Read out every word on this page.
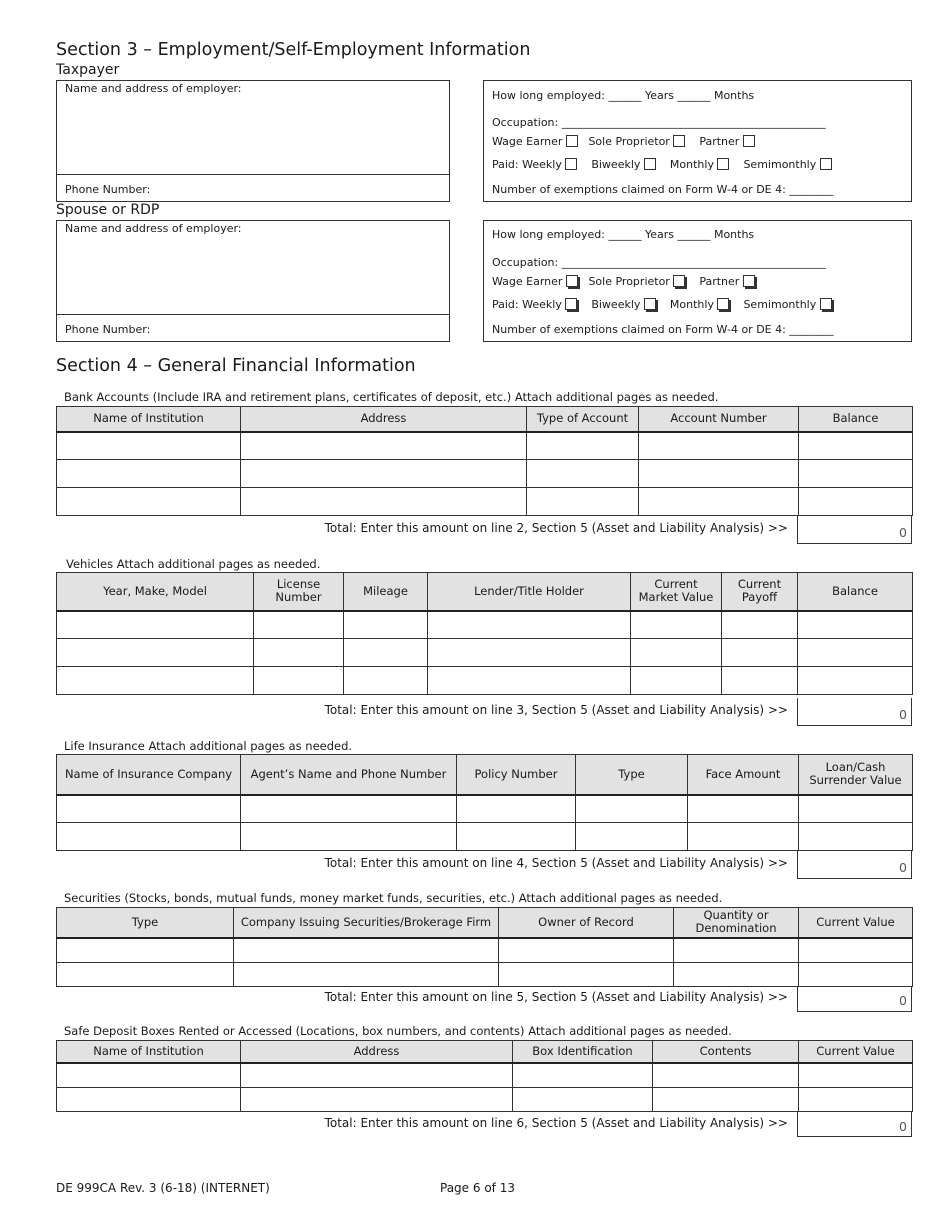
Section 3 – Employment/Self-Employment Information
Taxpayer
Name and address of employer:
Phone Number:
How long employed: ______ Years ______ Months
Occupation: ________________________________________________
Wage Earner Sole Proprietor	Partner
Paid: Weekly	Biweekly	Monthly	Semimonthly
Number of exemptions claimed on Form W-4 or DE 4: ________
Spouse or RDP
Name and address of employer:
Phone Number:
How long employed: ______ Years ______ Months
Occupation: ________________________________________________
Wage Earner Sole Proprietor	Partner
Paid: Weekly	Biweekly	Monthly	Semimonthly
Number of exemptions claimed on Form W-4 or DE 4: ________
Section 4 – General Financial Information
Bank Accounts (Include IRA and retirement plans, certificates of deposit, etc.) Attach additional pages as needed.
Name of Institution	Address	Type of Account	Account Number	Balance

Total: Enter this amount on line 2, Section 5 (Asset and Liability Analysis) >>	0
Vehicles Attach additional pages as needed.
Year, Make, Model	License Number	Mileage	Lender/Title Holder	Current Market Value	Current Payoff	Balance

Total: Enter this amount on line 3, Section 5 (Asset and Liability Analysis) >>	0
Life Insurance Attach additional pages as needed.
Name of Insurance Company	Agent’s Name and Phone Number	Policy Number	Type	Face Amount	Loan/Cash Surrender Value

Total: Enter this amount on line 4, Section 5 (Asset and Liability Analysis) >>	0
Securities (Stocks, bonds, mutual funds, money market funds, securities, etc.) Attach additional pages as needed.
Type	Company Issuing Securities/Brokerage Firm	Owner of Record	Quantity or Denomination	Current Value

Total: Enter this amount on line 5, Section 5 (Asset and Liability Analysis) >>	0
Safe Deposit Boxes Rented or Accessed (Locations, box numbers, and contents) Attach additional pages as needed.
Name of Institution	Address	Box Identification	Contents	Current Value

Total: Enter this amount on line 6, Section 5 (Asset and Liability Analysis) >>	0
DE 999CA Rev. 3 (6-18) (INTERNET)	Page 6 of 13
